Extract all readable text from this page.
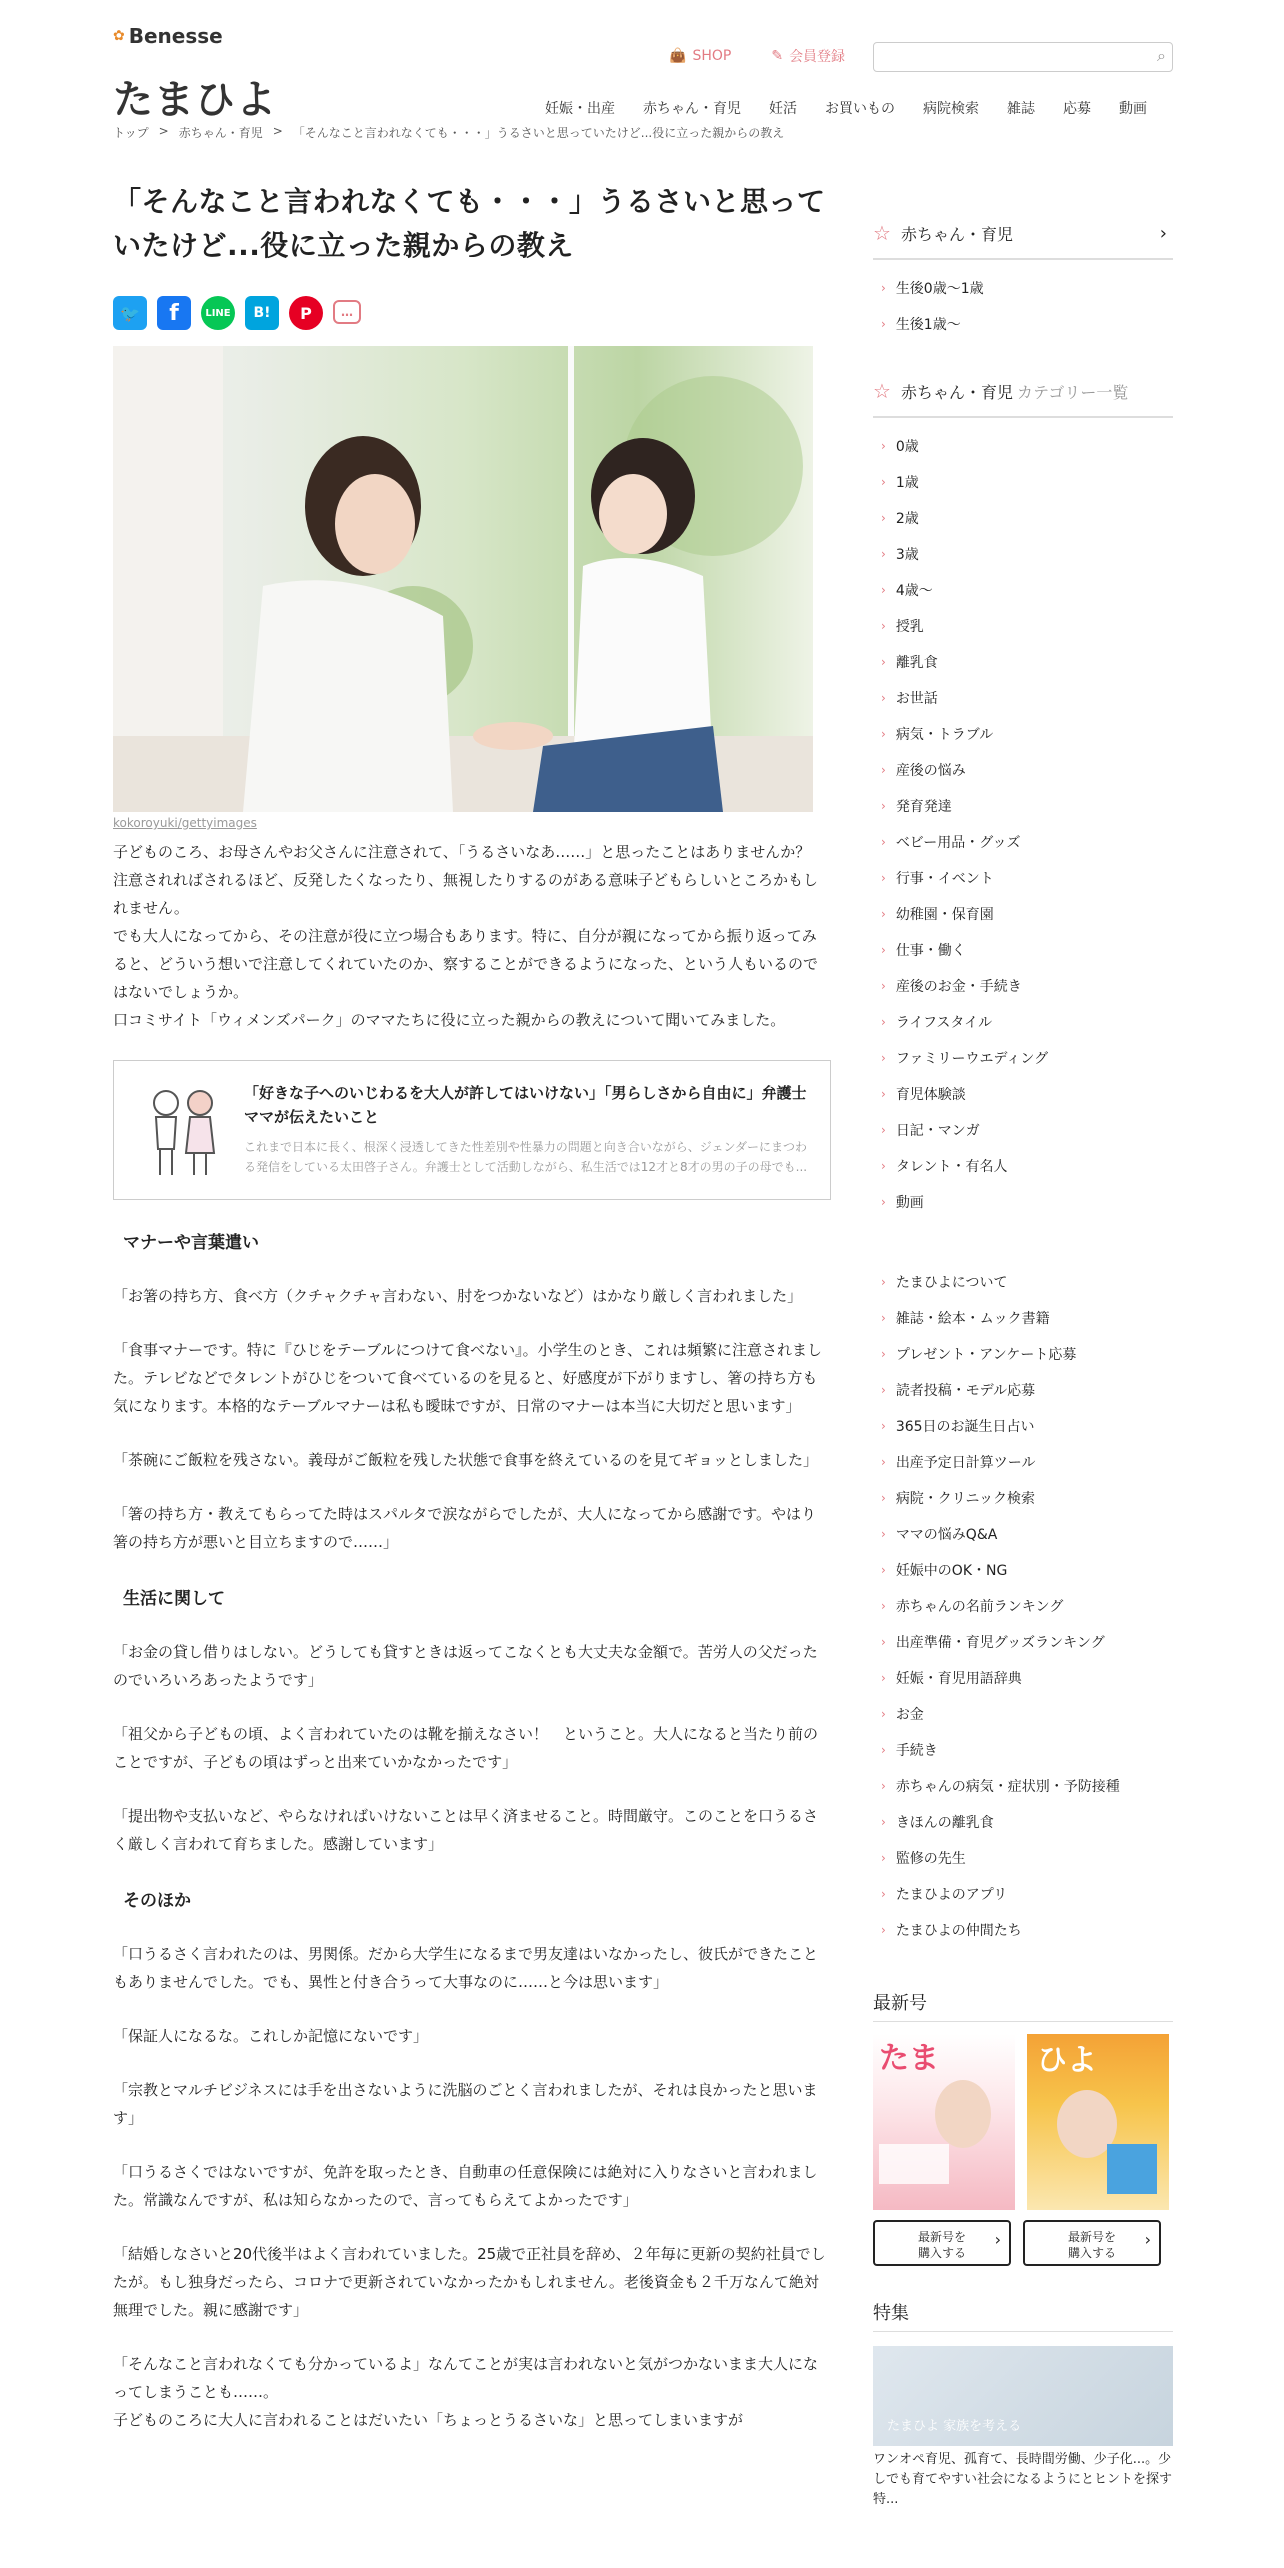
✿ Benesse
たまひよ
👜 SHOP	✎ 会員登録	⌕
妊娠・出産	赤ちゃん・育児	妊活	お買いもの	病院検索	雑誌	応募	動画
トップ > 赤ちゃん・育児 > 「そんなこと言われなくても・・・」うるさいと思っていたけど...役に立った親からの教え
「そんなこと言われなくても・・・」うるさいと思っていたけど...役に立った親からの教え
🐦	f	LINE	B!	P	…
kokoroyuki/gettyimages

子どものころ、お母さんやお父さんに注意されて、「うるさいなあ……」と思ったことはありませんか？　注意されればされるほど、反発したくなったり、無視したりするのがある意味子どもらしいところかもしれません。

でも大人になってから、その注意が役に立つ場合もあります。特に、自分が親になってから振り返ってみると、どういう想いで注意してくれていたのか、察することができるようになった、という人もいるのではないでしょうか。

口コミサイト「ウィメンズパーク」のママたちに役に立った親からの教えについて聞いてみました。

「好きな子へのいじわるを大人が許してはいけない」「男らしさから自由に」弁護士ママが伝えたいこと
これまで日本に長く、根深く浸透してきた性差別や性暴力の問題と向き合いながら、ジェンダーにまつわる発信をしている太田啓子さん。弁護士として活動しながら、私生活では12才と8才の男の子の母でも...
マナーや言葉遣い

「お箸の持ち方、食べ方（クチャクチャ言わない、肘をつかないなど）はかなり厳しく言われました」

「食事マナーです。特に『ひじをテーブルにつけて食べない』。小学生のとき、これは頻繁に注意されました。テレビなどでタレントがひじをついて食べているのを見ると、好感度が下がりますし、箸の持ち方も気になります。本格的なテーブルマナーは私も曖昧ですが、日常のマナーは本当に大切だと思います」

「茶碗にご飯粒を残さない。義母がご飯粒を残した状態で食事を終えているのを見てギョッとしました」

「箸の持ち方・教えてもらってた時はスパルタで涙ながらでしたが、大人になってから感謝です。やはり箸の持ち方が悪いと目立ちますので……」

生活に関して

「お金の貸し借りはしない。どうしても貸すときは返ってこなくとも大丈夫な金額で。苦労人の父だったのでいろいろあったようです」

「祖父から子どもの頃、よく言われていたのは靴を揃えなさい！　ということ。大人になると当たり前のことですが、子どもの頃はずっと出来ていかなかったです」

「提出物や支払いなど、やらなければいけないことは早く済ませること。時間厳守。このことを口うるさく厳しく言われて育ちました。感謝しています」

そのほか

「口うるさく言われたのは、男関係。だから大学生になるまで男友達はいなかったし、彼氏ができたこともありませんでした。でも、異性と付き合うって大事なのに……と今は思います」

「保証人になるな。これしか記憶にないです」

「宗教とマルチビジネスには手を出さないように洗脳のごとく言われましたが、それは良かったと思います」

「口うるさくではないですが、免許を取ったとき、自動車の任意保険には絶対に入りなさいと言われました。常識なんですが、私は知らなかったので、言ってもらえてよかったです」

「結婚しなさいと20代後半はよく言われていました。25歳で正社員を辞め、２年毎に更新の契約社員でしたが。もし独身だったら、コロナで更新されていなかったかもしれません。老後資金も２千万なんて絶対無理でした。親に感謝です」

「そんなこと言われなくても分かっているよ」なんてことが実は言われないと気がつかないまま大人になってしまうことも……。

子どものころに大人に言われることはだいたい「ちょっとうるさいな」と思ってしまいますが

☆ 赤ちゃん・育児	›
› 生後0歳～1歳
› 生後1歳～
☆ 赤ちゃん・育児 カテゴリー一覧
› 0歳
› 1歳
› 2歳
› 3歳
› 4歳～
› 授乳
› 離乳食
› お世話
› 病気・トラブル
› 産後の悩み
› 発育発達
› ベビー用品・グッズ
› 行事・イベント
› 幼稚園・保育園
› 仕事・働く
› 産後のお金・手続き
› ライフスタイル
› ファミリーウエディング
› 育児体験談
› 日記・マンガ
› タレント・有名人
› 動画
› たまひよについて
› 雑誌・絵本・ムック書籍
› プレゼント・アンケート応募
› 読者投稿・モデル応募
› 365日のお誕生日占い
› 出産予定日計算ツール
› 病院・クリニック検索
› ママの悩みQ&A
› 妊娠中のOK・NG
› 赤ちゃんの名前ランキング
› 出産準備・育児グッズランキング
› 妊娠・育児用語辞典
› お金
› 手続き
› 赤ちゃんの病気・症状別・予防接種
› きほんの離乳食
› 監修の先生
› たまひよのアプリ
› たまひよの仲間たち
最新号
たま	ひよ
最新号を
購入する ›
最新号を
購入する ›
特集
たまひよ 家族を考える
ワンオペ育児、孤育て、長時間労働、少子化...。少しでも育てやすい社会になるようにとヒントを探す特...
